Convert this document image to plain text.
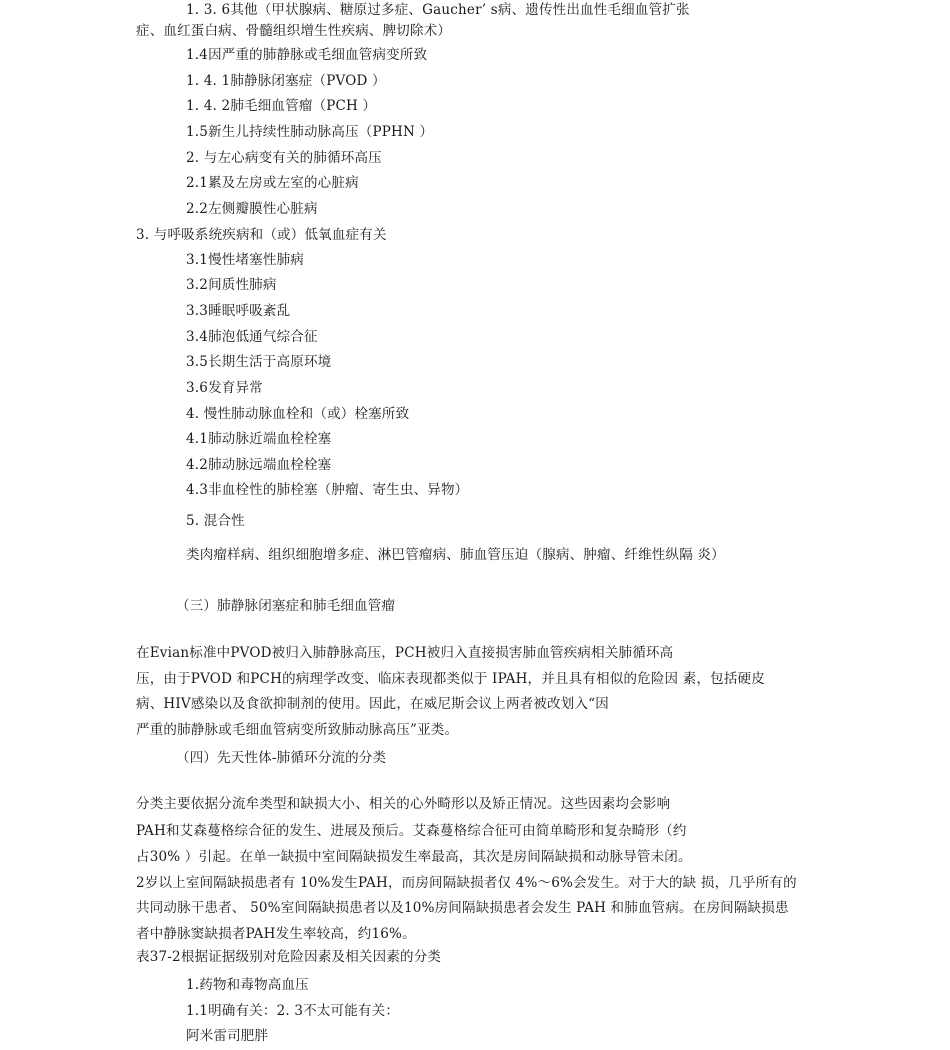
1. 3. 6其他（甲状腺病、糖原过多症、Gaucher’ s病、遗传性出血性毛细血管扩张
症、血红蛋白病、骨髓组织增生性疾病、脾切除术）
1.4因严重的肺静脉或毛细血管病变所致
1. 4. 1肺静脉闭塞症（PVOD ）
1. 4. 2肺毛细血管瘤（PCH ）
1.5新生儿持续性肺动脉高压（PPHN ）
2. 与左心病变有关的肺循环高压
2.1累及左房或左室的心脏病
2.2左侧瓣膜性心脏病
3. 与呼吸系统疾病和（或）低氧血症有关
3.1慢性堵塞性肺病
3.2间质性肺病
3.3睡眠呼吸紊乱
3.4肺泡低通气综合征
3.5长期生活于高原环境
3.6发育异常
4. 慢性肺动脉血栓和（或）栓塞所致
4.1肺动脉近端血栓栓塞
4.2肺动脉远端血栓栓塞
4.3非血栓性的肺栓塞（肿瘤、寄生虫、异物）
5. 混合性
类肉瘤样病、组织细胞增多症、淋巴管瘤病、肺血管压迫（腺病、肿瘤、纤维性纵隔 炎）
（三）肺静脉闭塞症和肺毛细血管瘤
在Evian标准中PVOD被归入肺静脉高压，PCH被归入直接损害肺血管疾病相关肺循环高
压，由于PVOD 和PCH的病理学改变、临床表现都类似于 IPAH，并且具有相似的危险因 素，包括硬皮
病、HIV感染以及食欲抑制剂的使用。因此，在威尼斯会议上两者被改划入“因
严重的肺静脉或毛细血管病变所致肺动脉高压”亚类。
（四）先天性体-肺循环分流的分类
分类主要依据分流牟类型和缺损大小、相关的心外畸形以及矫正情况。这些因素均会影响
PAH和艾森蔓格综合征的发生、进展及预后。艾森蔓格综合征可由简单畸形和复杂畸形（约
占30% ）引起。在单一缺损中室间隔缺损发生率最高，其次是房间隔缺损和动脉导管未闭。
2岁以上室间隔缺损患者有 10%发生PAH，而房间隔缺损者仅 4%〜6%会发生。对于大的缺 损，几乎所有的
共同动脉干患者、 50%室间隔缺损患者以及10%房间隔缺损患者会发生 PAH 和肺血管病。在房间隔缺损患
者中静脉窦缺损者PAH发生率较高，约16%。
表37-2根据证据级别对危险因素及相关因素的分类
1.药物和毒物高血压
1.1明确有关：2. 3不太可能有关：
阿米雷司肥胖
